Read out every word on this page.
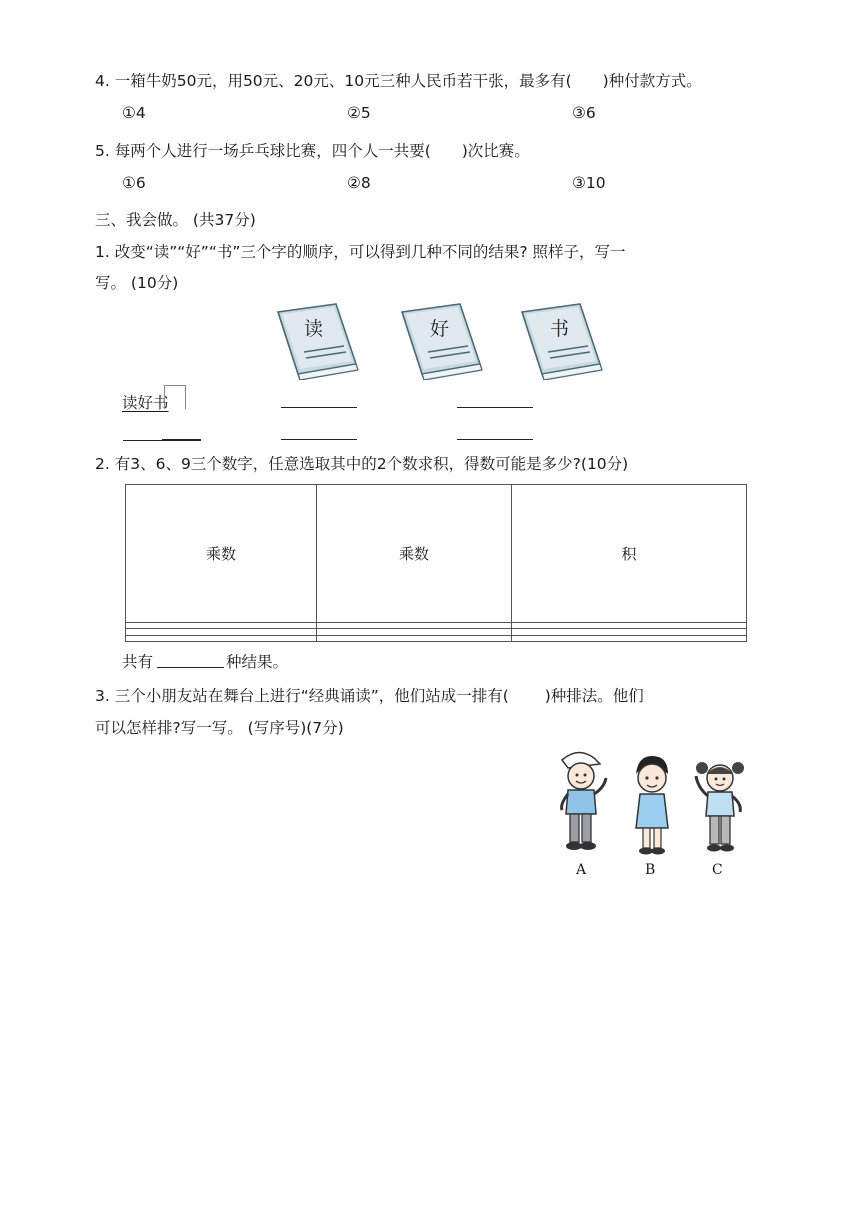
4. 一箱牛奶50元，用50元、20元、10元三种人民币若干张，最多有(　　)种付款方式。
①4	②5	③6
5. 每两个人进行一场乒乓球比赛，四个人一共要(　　)次比赛。
①6	②8	③10
三、我会做。 (共37分)
1. 改变“读”“好”“书”三个字的顺序，可以得到几种不同的结果? 照样子，写一
写。 (10分)
读	好	书
读好书
2. 有3、6、9三个数字，任意选取其中的2个数求积，得数可能是多少?(10分)
乘数	乘数	积

共有	种结果。
3. 三个小朋友站在舞台上进行“经典诵读”，他们站成一排有(　　 )种排法。他们
可以怎样排?写一写。 (写序号)(7分)
A	B	C
